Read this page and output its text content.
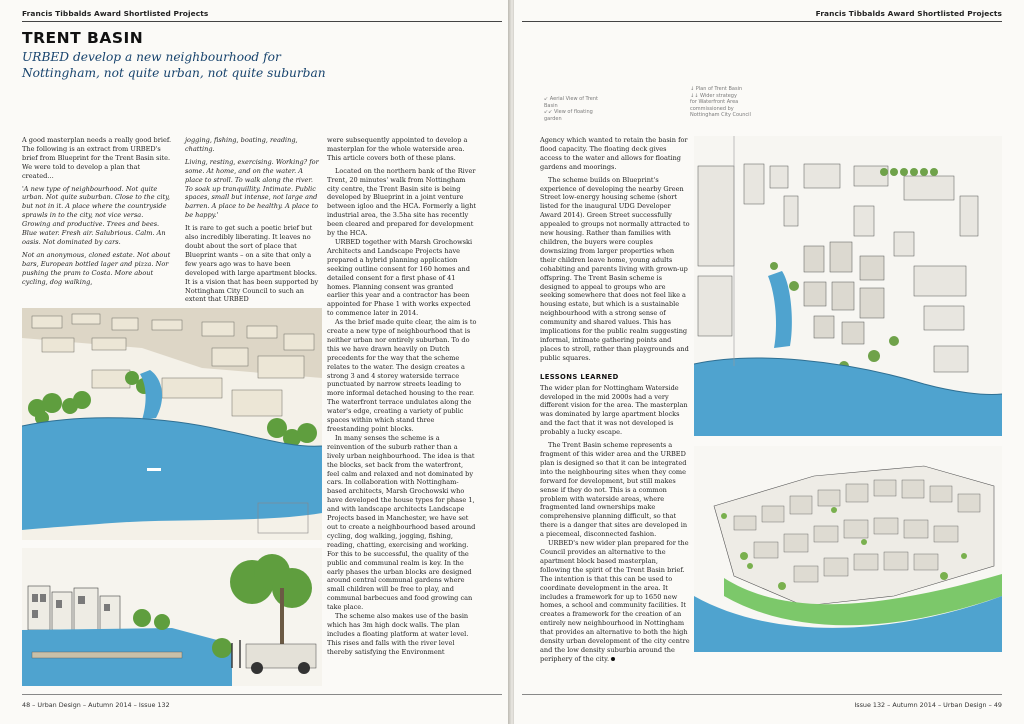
Francis Tibbalds Award Shortlisted Projects
TRENT BASIN
URBED develop a new neighbourhood for Nottingham, not quite urban, not quite suburban

A good masterplan needs a really good brief. The following is an extract from URBED's brief from Blueprint for the Trent Basin site. We were told to develop a plan that created…

'A new type of neighbourhood. Not quite urban. Not quite suburban. Close to the city, but not in it. A place where the countryside sprawls in to the city, not vice versa. Growing and productive. Trees and bees. Blue water. Fresh air. Salubrious. Calm. An oasis. Not dominated by cars.

Not an anonymous, cloned estate. Not about bars, European bottled lager and pizza. Nor pushing the pram to Costa. More about cycling, dog walking,

jogging, fishing, boating, reading, chatting.

Living, resting, exercising. Working? for some. At home, and on the water. A place to stroll. To walk along the river. To soak up tranquillity. Intimate. Public spaces, small but intense, not large and barren. A place to be healthy. A place to be happy.'

It is rare to get such a poetic brief but also incredibly liberating. It leaves no doubt about the sort of place that Blueprint wants – on a site that only a few years ago was to have been developed with large apartment blocks. It is a vision that has been supported by Nottingham City Council to such an extent that URBED

were subsequently appointed to develop a masterplan for the whole waterside area. This article covers both of these plans.

Located on the northern bank of the River Trent, 20 minutes' walk from Nottingham city centre, the Trent Basin site is being developed by Blueprint in a joint venture between igloo and the HCA. Formerly a light industrial area, the 3.5ha site has recently been cleared and prepared for development by the HCA.

URBED together with Marsh Grochowski Architects and Landscape Projects have prepared a hybrid planning application seeking outline consent for 160 homes and detailed consent for a first phase of 41 homes. Planning consent was granted earlier this year and a contractor has been appointed for Phase 1 with works expected to commence later in 2014.

As the brief made quite clear, the aim is to create a new type of neighbourhood that is neither urban nor entirely suburban. To do this we have drawn heavily on Dutch precedents for the way that the scheme relates to the water. The design creates a strong 3 and 4 storey waterside terrace punctuated by narrow streets leading to more informal detached housing to the rear. The waterfront terrace undulates along the water's edge, creating a variety of public spaces within which stand three freestanding point blocks.

In many senses the scheme is a reinvention of the suburb rather than a lively urban neighbourhood. The idea is that the blocks, set back from the waterfront, feel calm and relaxed and not dominated by cars. In collaboration with Nottingham-based architects, Marsh Grochowski who have developed the house types for phase 1, and with landscape architects Landscape Projects based in Manchester, we have set out to create a neighbourhood based around cycling, dog walking, jogging, fishing, reading, chatting, exercising and working. For this to be successful, the quality of the public and communal realm is key. In the early phases the urban blocks are designed around central communal gardens where small children will be free to play, and communal barbecues and food growing can take place.

The scheme also makes use of the basin which has 3m high dock walls. The plan includes a floating platform at water level. This rises and falls with the river level thereby satisfying the Environment

48 – Urban Design – Autumn 2014 – Issue 132
Francis Tibbalds Award Shortlisted Projects
↙ Aerial View of Trent
Basin
↙↙ View of floating
garden
↓ Plan of Trent Basin
↓↓ Wider strategy
for Waterfront Area
commissioned by
Nottingham City Council

Agency which wanted to retain the basin for flood capacity. The floating deck gives access to the water and allows for floating gardens and moorings.

The scheme builds on Blueprint's experience of developing the nearby Green Street low-energy housing scheme (short listed for the inaugural UDG Developer Award 2014). Green Street successfully appealed to groups not normally attracted to new housing. Rather than families with children, the buyers were couples downsizing from larger properties when their children leave home, young adults cohabiting and parents living with grown-up offspring. The Trent Basin scheme is designed to appeal to groups who are seeking somewhere that does not feel like a housing estate, but which is a sustainable neighbourhood with a strong sense of community and shared values. This has implications for the public realm suggesting informal, intimate gathering points and places to stroll, rather than playgrounds and public squares.

LESSONS LEARNED

The wider plan for Nottingham Waterside developed in the mid 2000s had a very different vision for the area. The masterplan was dominated by large apartment blocks and the fact that it was not developed is probably a lucky escape.

The Trent Basin scheme represents a fragment of this wider area and the URBED plan is designed so that it can be integrated into the neighbouring sites when they come forward for development, but still makes sense if they do not. This is a common problem with waterside areas, where fragmented land ownerships make comprehensive planning difficult, so that there is a danger that sites are developed in a piecemeal, disconnected fashion.

URBED's new wider plan prepared for the Council provides an alternative to the apartment block based masterplan, following the spirit of the Trent Basin brief. The intention is that this can be used to coordinate development in the area. It includes a framework for up to 1650 new homes, a school and community facilities. It creates a framework for the creation of an entirely new neighbourhood in Nottingham that provides an alternative to both the high density urban development of the city centre and the low density suburbia around the periphery of the city.

Issue 132 – Autumn 2014 – Urban Design – 49
